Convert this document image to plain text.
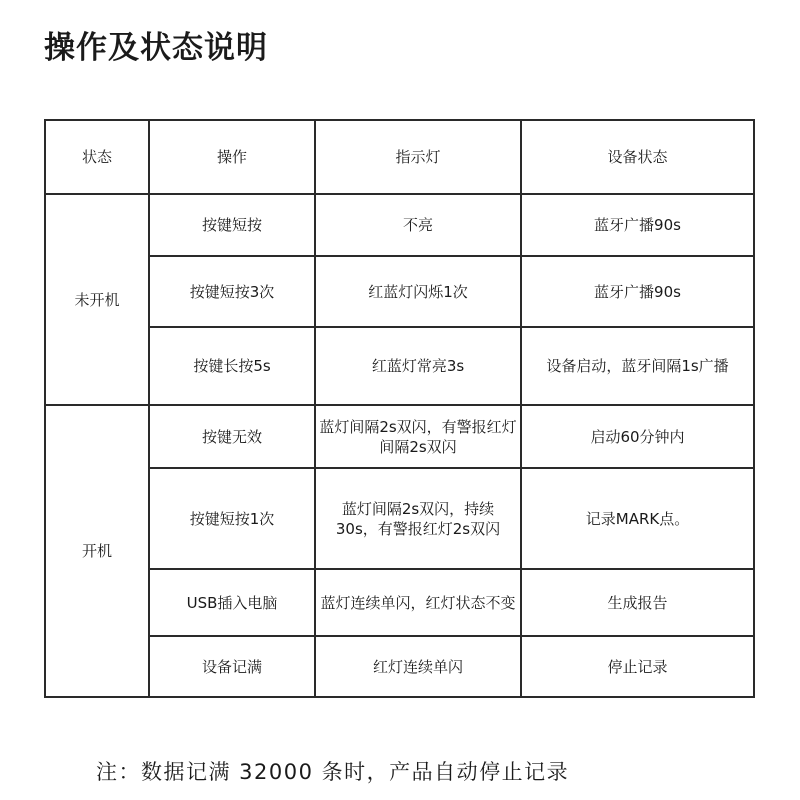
操作及状态说明
状态	操作	指示灯	设备状态
未开机	按键短按	不亮	蓝牙广播90s
	按键短按3次	红蓝灯闪烁1次	蓝牙广播90s
	按键长按5s	红蓝灯常亮3s	设备启动，蓝牙间隔1s广播
开机	按键无效	蓝灯间隔2s双闪，有警报红灯间隔2s双闪	启动60分钟内
	按键短按1次	蓝灯间隔2s双闪，持续30s，有警报红灯2s双闪	记录MARK点。
	USB插入电脑	蓝灯连续单闪，红灯状态不变	生成报告
	设备记满	红灯连续单闪	停止记录
注：数据记满 32000 条时，产品自动停止记录
